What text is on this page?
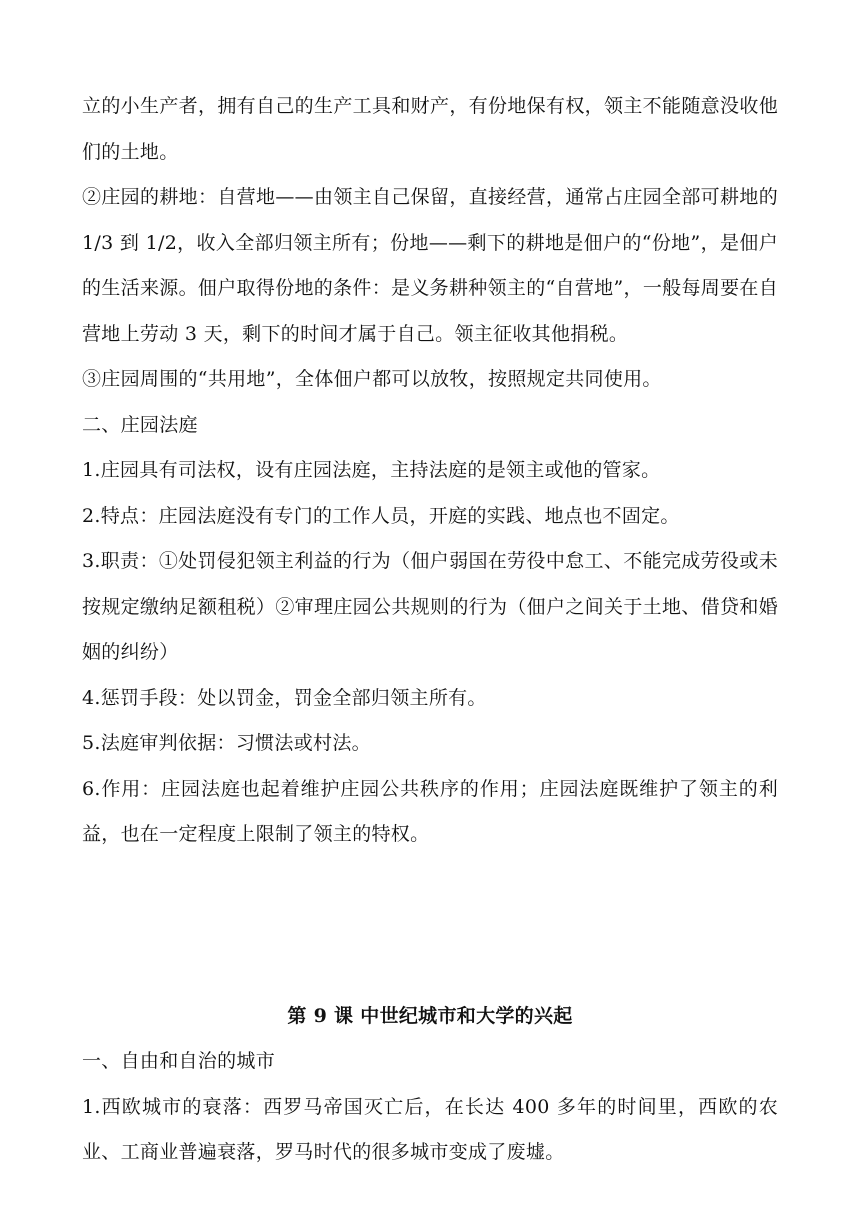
立的小生产者，拥有自己的生产工具和财产，有份地保有权，领主不能随意没收他们的土地。

②庄园的耕地：自营地——由领主自己保留，直接经营，通常占庄园全部可耕地的 1/3 到 1/2，收入全部归领主所有；份地——剩下的耕地是佃户的“份地”，是佃户的生活来源。佃户取得份地的条件：是义务耕种领主的“自营地”，一般每周要在自营地上劳动 3 天，剩下的时间才属于自己。领主征收其他捐税。

③庄园周围的“共用地”，全体佃户都可以放牧，按照规定共同使用。

二、庄园法庭

1.庄园具有司法权，设有庄园法庭，主持法庭的是领主或他的管家。

2.特点：庄园法庭没有专门的工作人员，开庭的实践、地点也不固定。

3.职责：①处罚侵犯领主利益的行为（佃户弱国在劳役中怠工、不能完成劳役或未按规定缴纳足额租税）②审理庄园公共规则的行为（佃户之间关于土地、借贷和婚姻的纠纷）

4.惩罚手段：处以罚金，罚金全部归领主所有。

5.法庭审判依据：习惯法或村法。

6.作用：庄园法庭也起着维护庄园公共秩序的作用；庄园法庭既维护了领主的利益，也在一定程度上限制了领主的特权。

第 9 课 中世纪城市和大学的兴起

一、自由和自治的城市

1.西欧城市的衰落：西罗马帝国灭亡后，在长达 400 多年的时间里，西欧的农业、工商业普遍衰落，罗马时代的很多城市变成了废墟。
